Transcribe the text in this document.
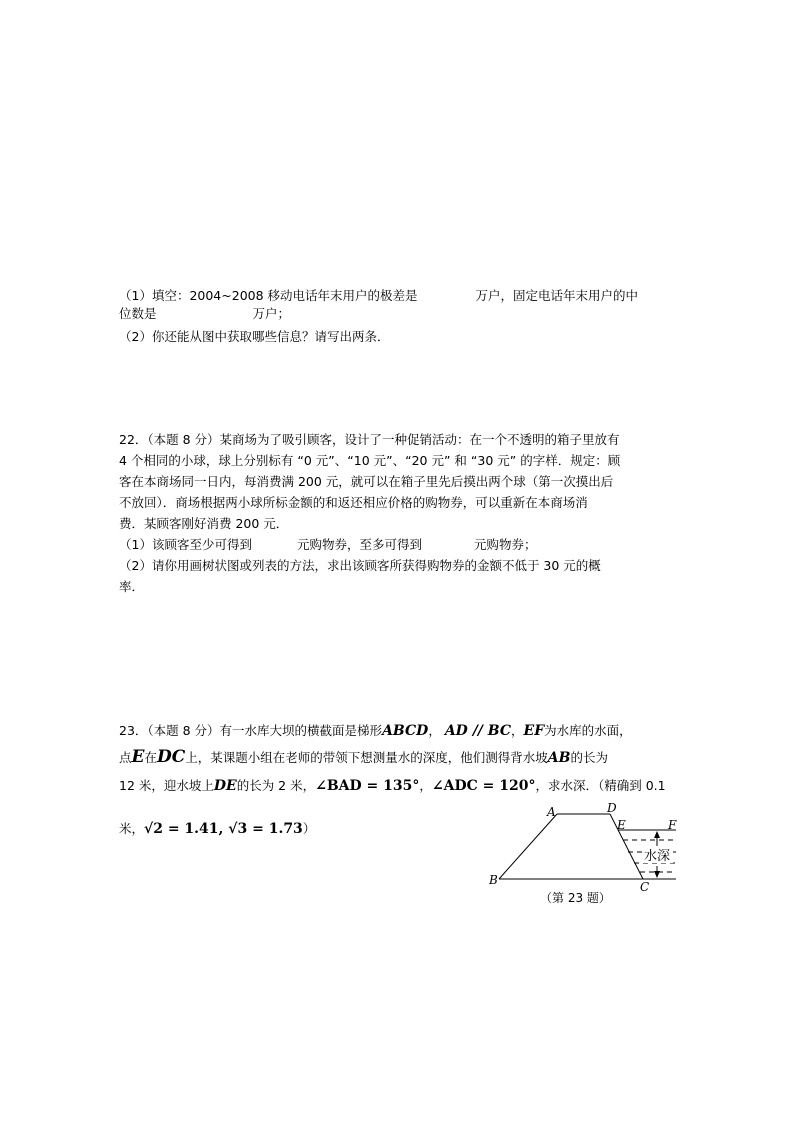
（1）填空：2004~2008 移动电话年末用户的极差是	万户，固定电话年末用户的中
位数是	万户；
（2）你还能从图中获取哪些信息？请写出两条．
22．（本题 8 分）某商场为了吸引顾客，设计了一种促销活动：在一个不透明的箱子里放有
4 个相同的小球，球上分别标有 “0 元”、“10 元”、“20 元” 和 “30 元” 的字样．规定：顾
客在本商场同一日内，每消费满 200 元，就可以在箱子里先后摸出两个球（第一次摸出后
不放回）．商场根据两小球所标金额的和返还相应价格的购物券，可以重新在本商场消
费．某顾客刚好消费 200 元．
（1）该顾客至少可得到	元购物券，至多可得到	元购物券；
（2）请你用画树状图或列表的方法，求出该顾客所获得购物券的金额不低于 30 元的概
率．
23．（本题 8 分）有一水库大坝的横截面是梯形ABCD， AD // BC，EF为水库的水面，
点E在DC上，某课题小组在老师的带领下想测量水的深度，他们测得背水坡AB的长为
12 米，迎水坡上DE的长为 2 米，∠BAD = 135°，∠ADC = 120°，求水深．（精确到 0.1
米，√2 = 1.41, √3 = 1.73）
水深
A	D
E	F
B	C
（第 23 题）
